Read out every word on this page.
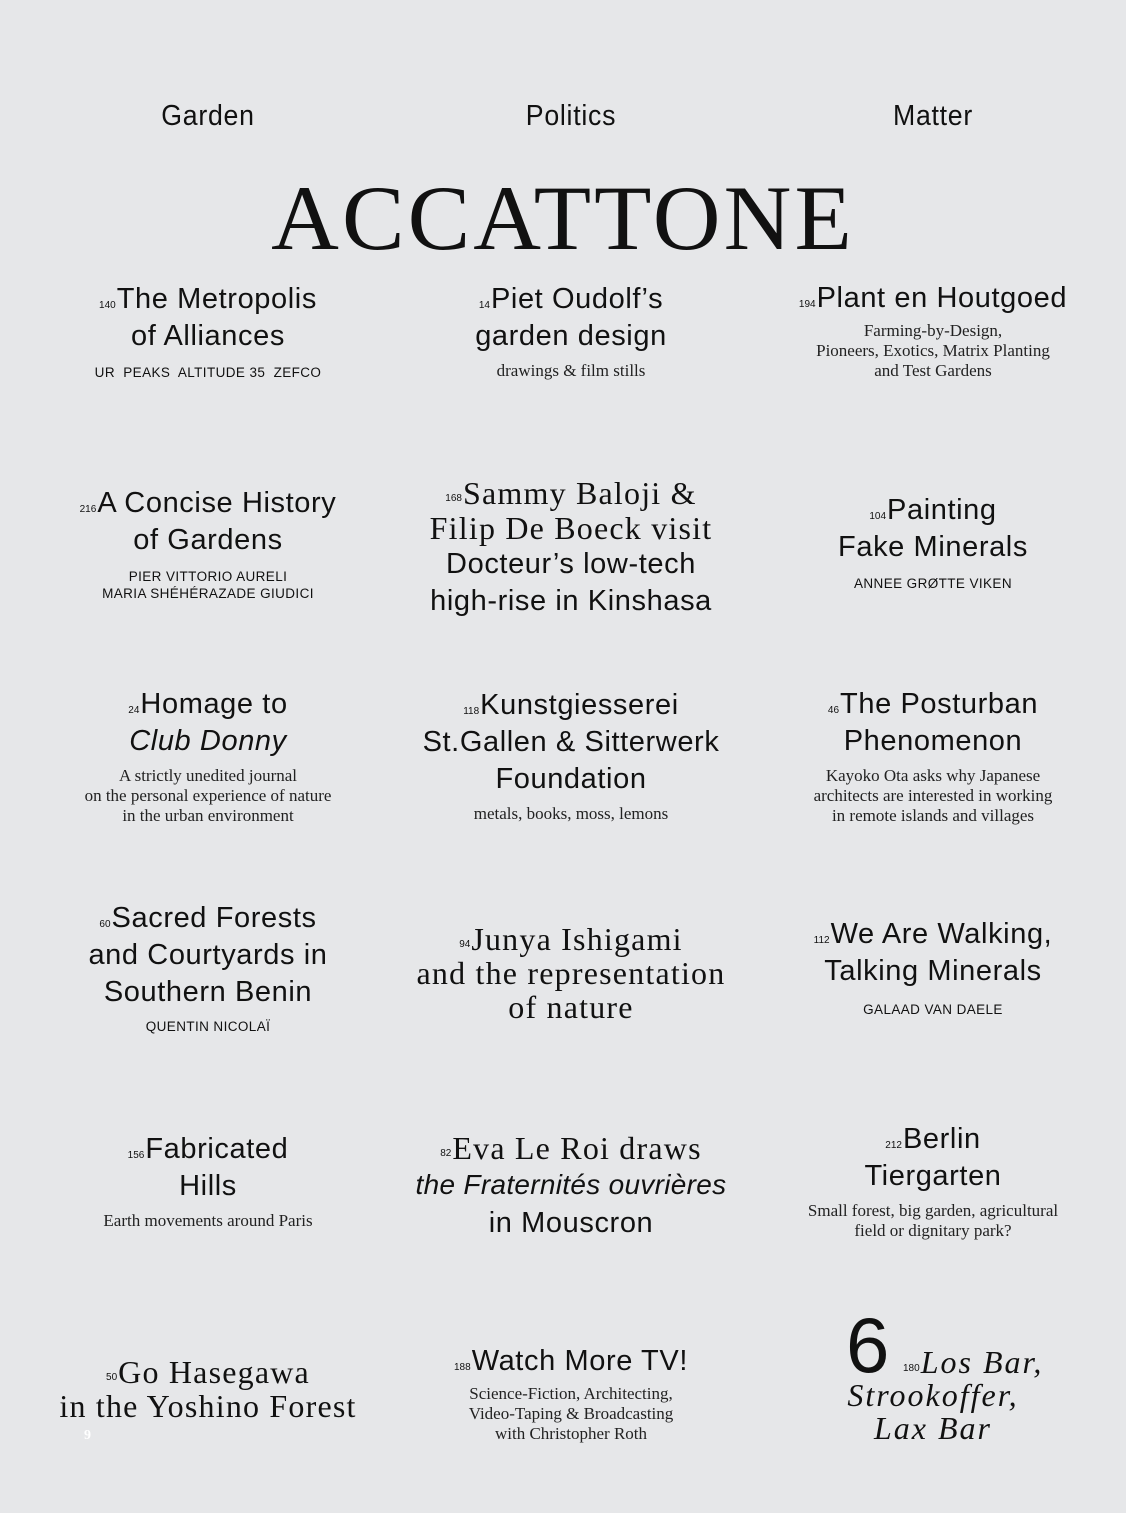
Garden	Politics	Matter
ACCATTONE
$^{140}$The Metropolis
of Alliances
UR  PEAKS  ALTITUDE 35  ZEFCO
$^{14}$Piet Oudolf’s
garden design
drawings & film stills
$^{194}$Plant en Houtgoed
Farming-by-Design,
Pioneers, Exotics, Matrix Planting
and Test Gardens
$^{216}$A Concise History
of Gardens
PIER VITTORIO AURELI
MARIA SHÉHÉRAZADE GIUDICI
$^{168}$Sammy Baloji &
Filip De Boeck visit
Docteur’s low-tech
high-rise in Kinshasa
$^{104}$Painting
Fake Minerals
ANNEE GRØTTE VIKEN
$^{24}$Homage to
Club Donny
A strictly unedited journal
on the personal experience of nature
in the urban environment
$^{118}$Kunstgiesserei
St.Gallen & Sitterwerk
Foundation
metals, books, moss, lemons
$^{46}$The Posturban
Phenomenon
Kayoko Ota asks why Japanese
architects are interested in working
in remote islands and villages
$^{60}$Sacred Forests
and Courtyards in
Southern Benin
QUENTIN NICOLAÏ
$^{94}$Junya Ishigami
and the representation
of nature
$^{112}$We Are Walking,
Talking Minerals
GALAAD VAN DAELE
$^{156}$Fabricated
Hills
Earth movements around Paris
$^{82}$Eva Le Roi draws
the Fraternités ouvrières
in Mouscron
$^{212}$Berlin
Tiergarten
Small forest, big garden, agricultural
field or dignitary park?
$^{50}$Go Hasegawa
in the Yoshino Forest
$^{188}$Watch More TV!
Science-Fiction, Architecting,
Video-Taping & Broadcasting
with Christopher Roth
6	$^{180}$Los Bar,
Strookoffer,
Lax Bar
9
